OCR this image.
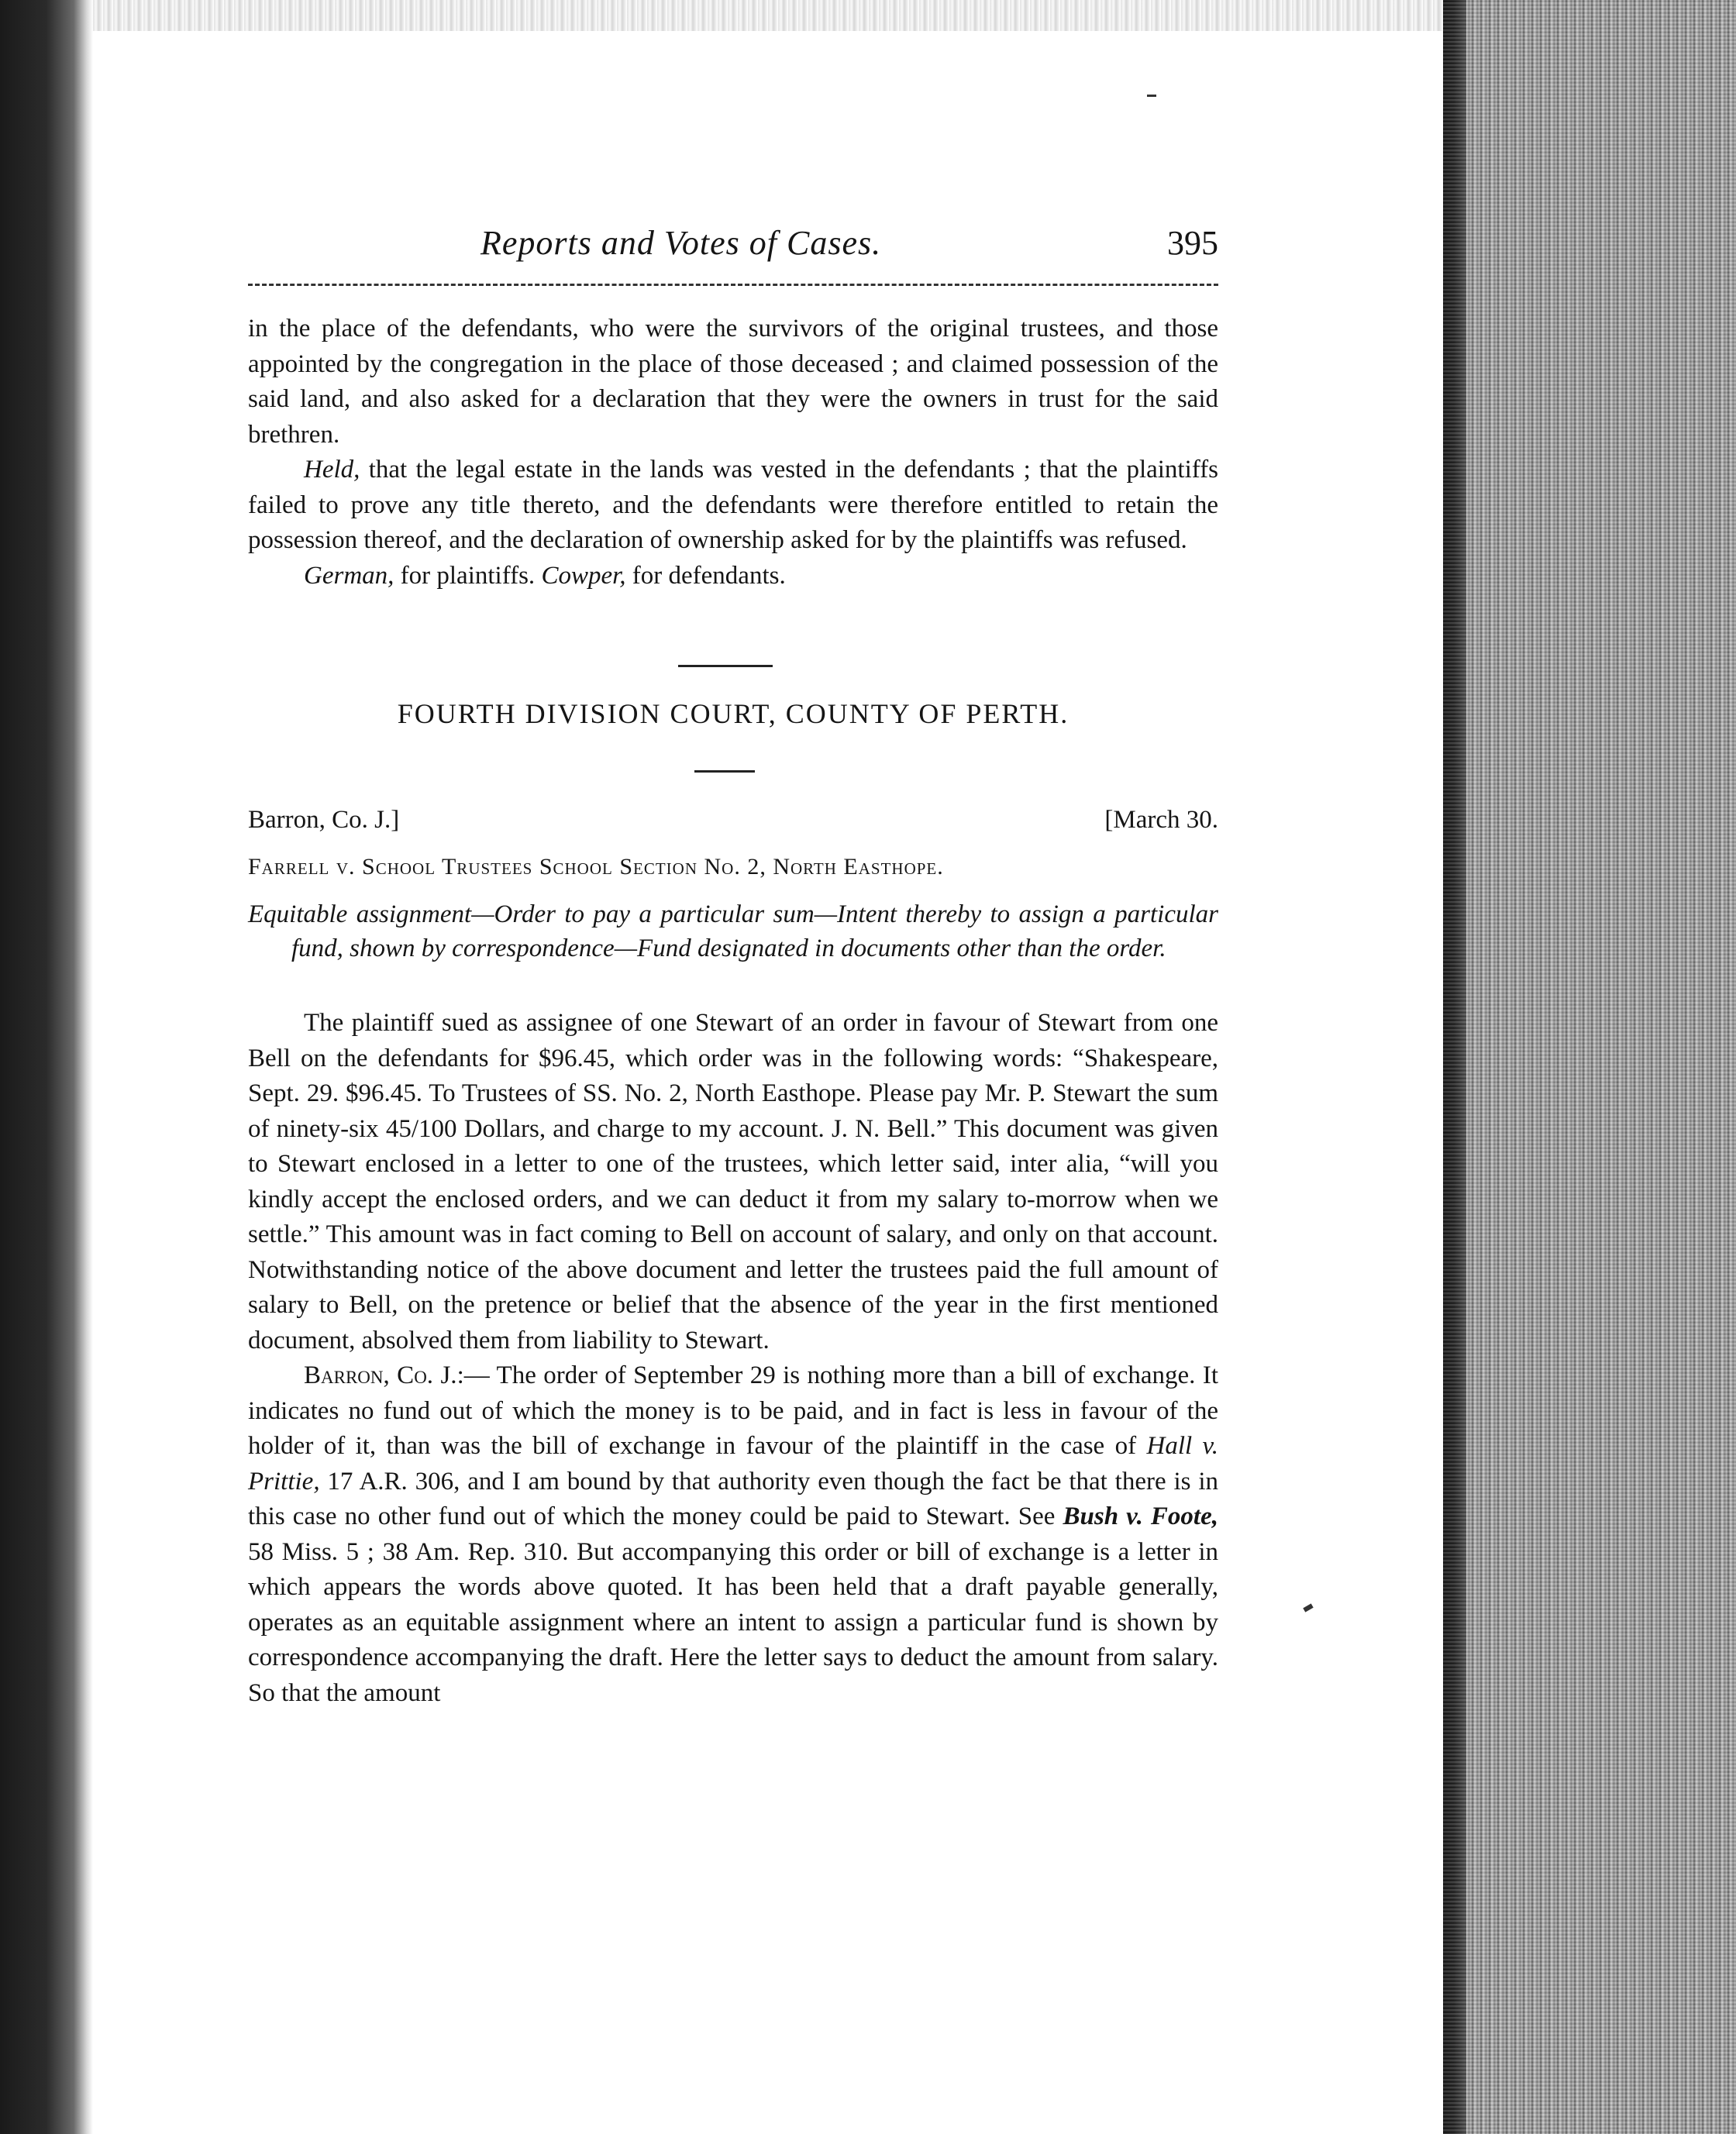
Reports and Votes of Cases.	395

in the place of the defendants, who were the survivors of the original trustees, and those appointed by the congregation in the place of those deceased ; and claimed possession of the said land, and also asked for a declaration that they were the owners in trust for the said brethren.

Held, that the legal estate in the lands was vested in the defendants ; that the plaintiffs failed to prove any title thereto, and the defendants were therefore entitled to retain the possession thereof, and the declaration of ownership asked for by the plaintiffs was refused.

German, for plaintiffs. Cowper, for defendants.

FOURTH DIVISION COURT, COUNTY OF PERTH.
Barron, Co. J.]	[March 30.
Farrell v. School Trustees School Section No. 2, North Easthope.
Equitable assignment—Order to pay a particular sum—Intent thereby to assign a particular fund, shown by correspondence—Fund designated in documents other than the order.

The plaintiff sued as assignee of one Stewart of an order in favour of Stewart from one Bell on the defendants for $96.45, which order was in the following words: “Shakespeare, Sept. 29. $96.45. To Trustees of SS. No. 2, North Easthope. Please pay Mr. P. Stewart the sum of ninety-six 45/100 Dollars, and charge to my account. J. N. Bell.” This document was given to Stewart enclosed in a letter to one of the trustees, which letter said, inter alia, “will you kindly accept the enclosed orders, and we can deduct it from my salary to-morrow when we settle.” This amount was in fact coming to Bell on account of salary, and only on that account. Notwithstanding notice of the above document and letter the trustees paid the full amount of salary to Bell, on the pretence or belief that the absence of the year in the first mentioned document, absolved them from liability to Stewart.

Barron, Co. J.:— The order of September 29 is nothing more than a bill of exchange. It indicates no fund out of which the money is to be paid, and in fact is less in favour of the holder of it, than was the bill of exchange in favour of the plaintiff in the case of Hall v. Prittie, 17 A.R. 306, and I am bound by that authority even though the fact be that there is in this case no other fund out of which the money could be paid to Stewart. See Bush v. Foote, 58 Miss. 5 ; 38 Am. Rep. 310. But accompanying this order or bill of exchange is a letter in which appears the words above quoted. It has been held that a draft payable generally, operates as an equitable assignment where an intent to assign a particular fund is shown by correspondence accompanying the draft. Here the letter says to deduct the amount from salary. So that the amount
